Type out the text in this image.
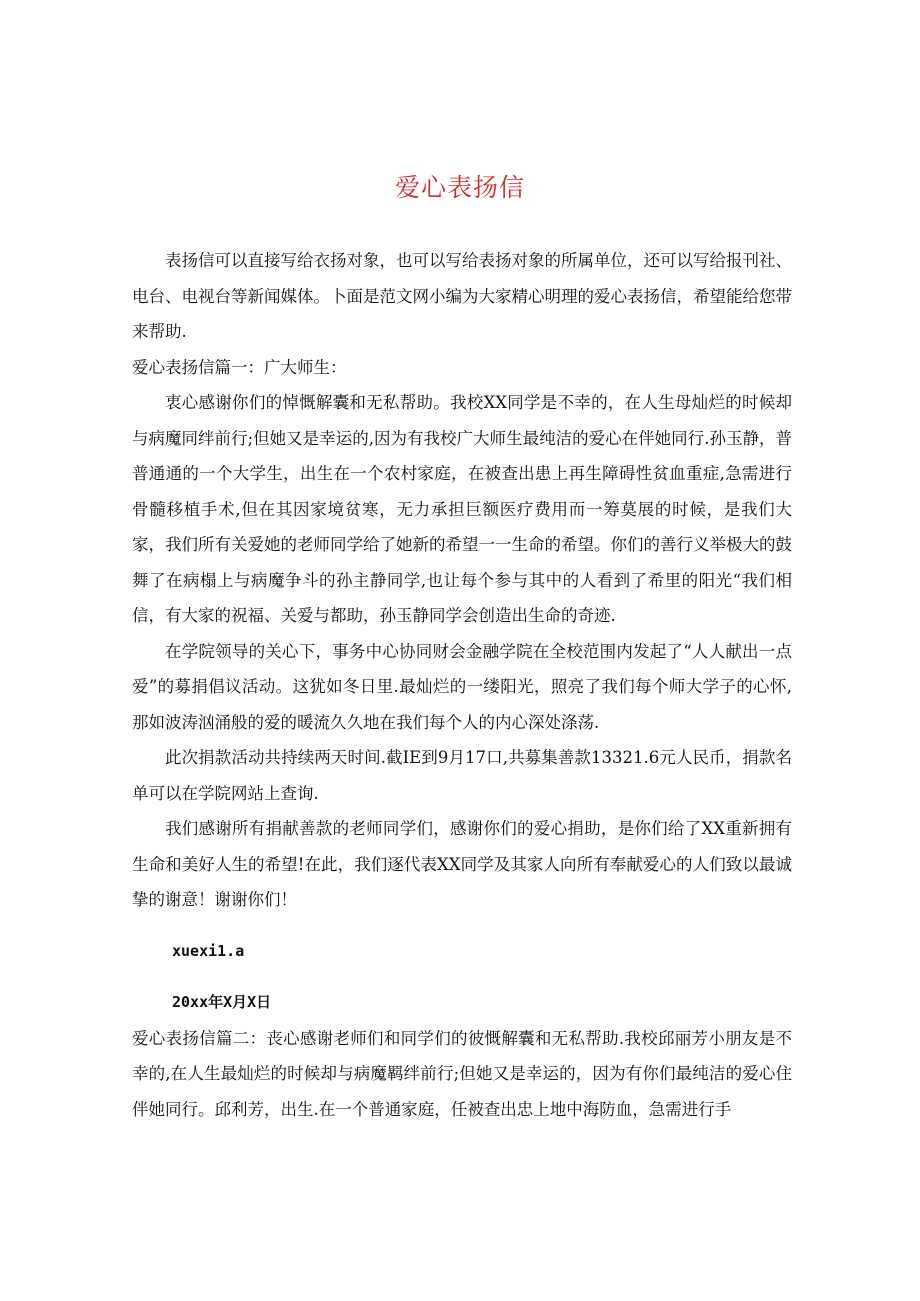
爱心表扬信

表扬信可以直接写给衣扬对象，也可以写给表扬对象的所属单位，还可以写给报刊社、电台、电视台等新闻媒体。卜面是范文网小编为大家精心明理的爱心表扬信，希望能给您带来帮助.

爱心表扬信篇一：广大师生：

衷心感谢你们的悼慨解囊和无私帮助。我校XX同学是不幸的，在人生母灿烂的时候却与病魔同绊前行;但她又是幸运的,因为有我校广大师生最纯洁的爱心在伴她同行.孙玉静，普普通通的一个大学生，出生在一个农村家庭，在被查出患上再生障碍性贫血重症,急需进行骨髓移植手术,但在其因家境贫寒，无力承担巨额医疗费用而一筹莫展的时候，是我们大家，我们所有关爱她的老师同学给了她新的希望一一生命的希望。你们的善行义举极大的鼓舞了在病榻上与病魔争斗的孙主静同学,也让每个参与其中的人看到了希里的阳光“我们相信，有大家的祝福、关爱与都助，孙玉静同学会创造出生命的奇迹.

在学院领导的关心下，事务中心协同财会金融学院在全校范围内发起了“人人献出一点爱”的募捐倡议活动。这犹如冬日里.最灿烂的一缕阳光，照亮了我们每个师大学子的心怀,那如波涛汹涌般的爱的暖流久久地在我们每个人的内心深处涤荡.

此次捐款活动共持续两天时间.截IE到9月17口,共募集善款13321.6元人民币，捐款名单可以在学院网站上查询.

我们感谢所有捐献善款的老师同学们，感谢你们的爱心捐助，是你们给了XX重新拥有生命和美好人生的希望!在此，我们逐代表XX同学及其家人向所有奉献爱心的人们致以最诚挚的谢意！谢谢你们！

xuexi1.a

20xx年X月X日

爱心表扬信篇二：丧心感谢老师们和同学们的彼慨解囊和无私帮助.我校邱丽芳小朋友是不幸的,在人生最灿烂的时候却与病魔羁绊前行;但她又是幸运的，因为有你们最纯洁的爱心住伴她同行。邱利芳，出生.在一个普通家庭，任被查出忠上地中海防血，急需进行手
